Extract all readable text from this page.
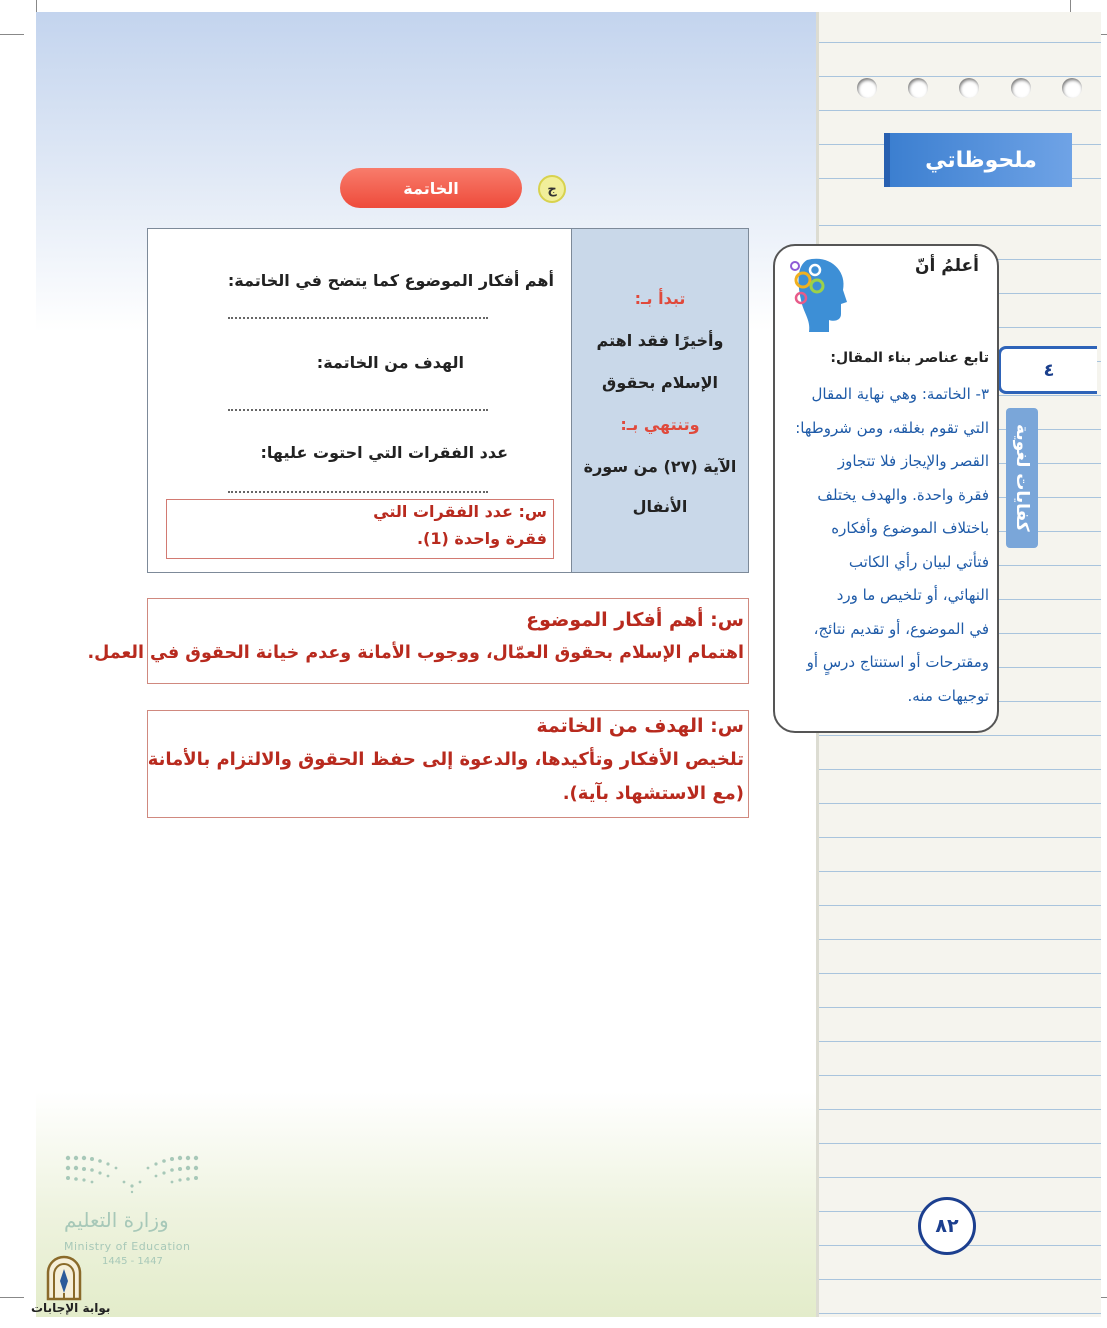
ملحوظاتي
٤
كفايات لغوية
أعلمُ أنّ
تابع عناصر بناء المقال:
٣- الخاتمة: وهي نهاية المقال
التي تقوم بغلقه، ومن شروطها:
القصر والإيجاز فلا تتجاوز
فقرة واحدة. والهدف يختلف
باختلاف الموضوع وأفكاره
فتأتي لبيان رأي الكاتب
النهائي، أو تلخيص ما ورد
في الموضوع، أو تقديم نتائج،
ومقترحات أو استنتاج درسٍ أو
توجيهات منه.
ج
الخاتمة
تبدأ بـ:
وأخيرًا فقد اهتم
الإسلام بحقوق
وتنتهي بـ:
الآية (٢٧) من سورة
الأنفال
أهم أفكار الموضوع كما يتضح في الخاتمة:
الهدف من الخاتمة:
عدد الفقرات التي احتوت عليها:
س: عدد الفقرات التي
فقرة واحدة (1).
س: أهم أفكار الموضوع
اهتمام الإسلام بحقوق العمّال، ووجوب الأمانة وعدم خيانة الحقوق في العمل.
س: الهدف من الخاتمة
تلخيص الأفكار وتأكيدها، والدعوة إلى حفظ الحقوق والالتزام بالأمانة
(مع الاستشهاد بآية).
وزارة التعليم
Ministry of Education
1445 - 1447
بوابة الإجابات
٨٢
